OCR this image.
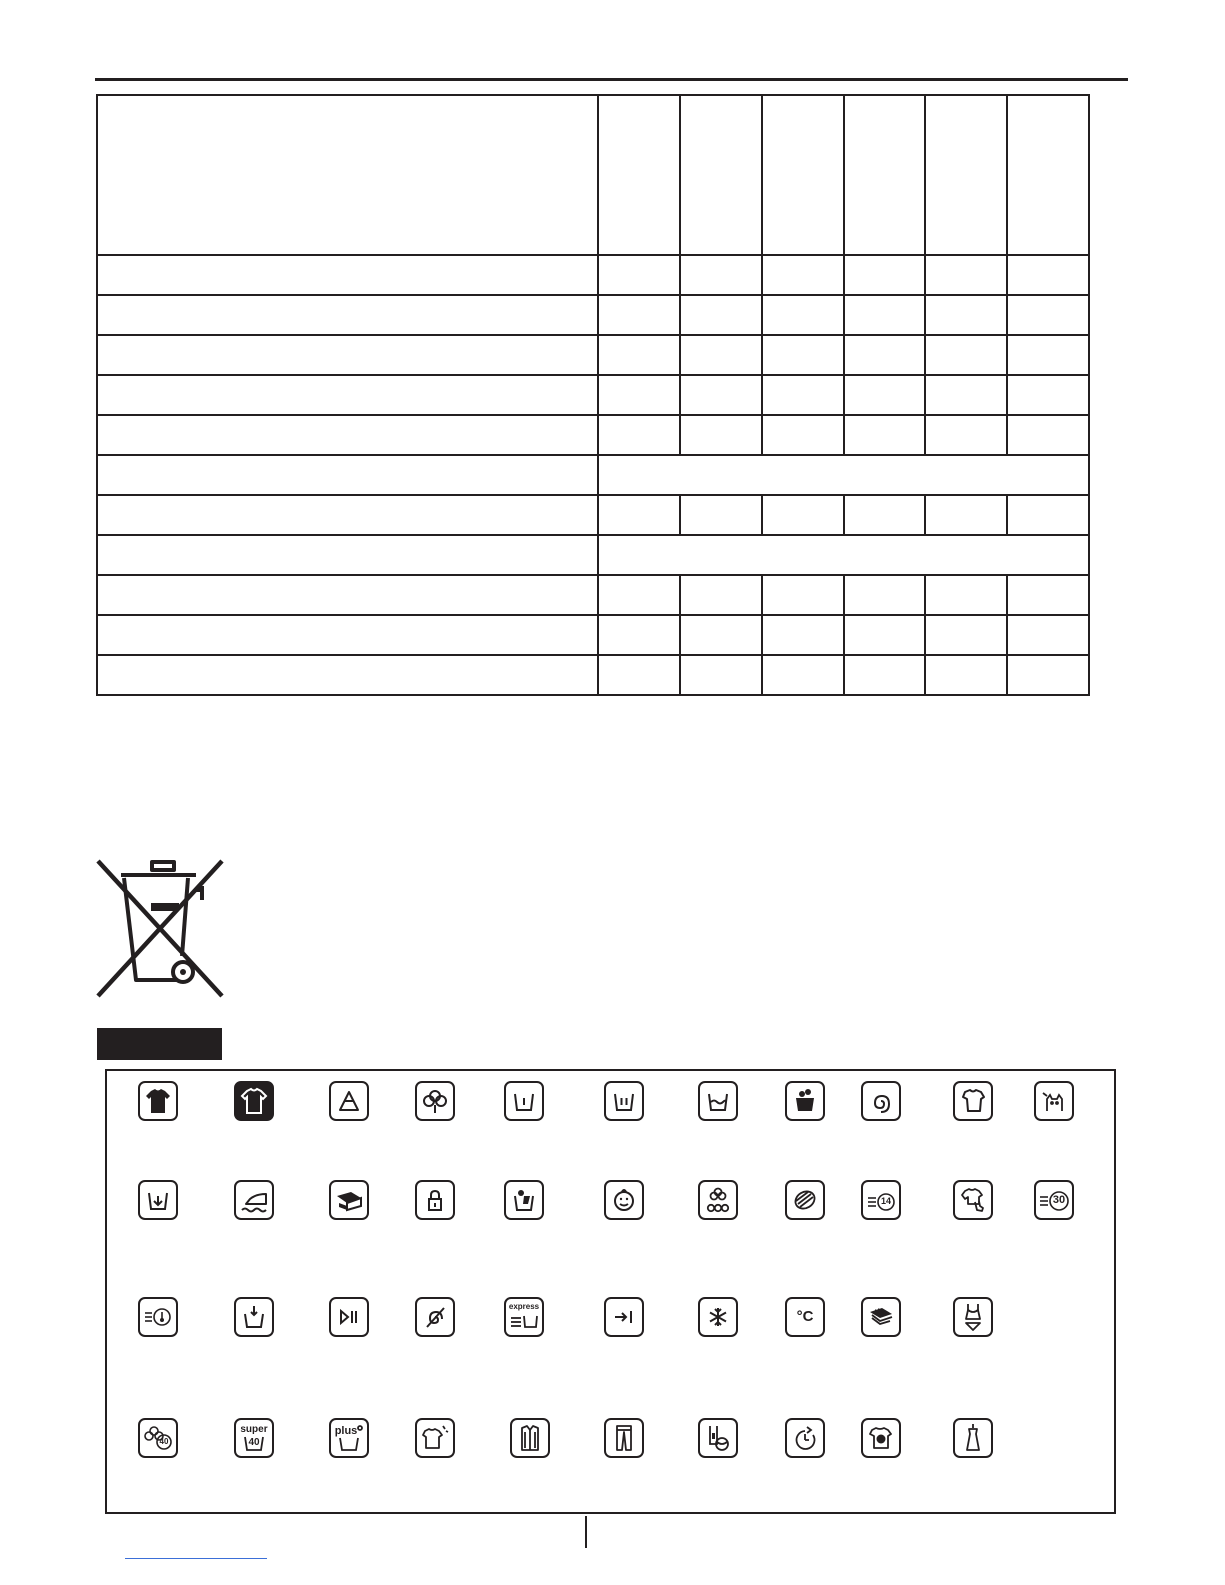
14	30
express
°C
40
super
40
plus
